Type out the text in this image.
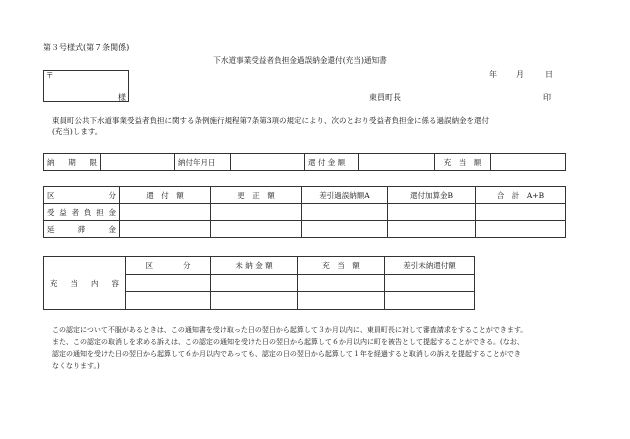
第３号様式(第７条関係)
下水道事業受益者負担金過誤納金還付(充当)通知書
年 月	日
〒
様	東員町長	印
東員町公共下水道事業受益者負担に関する条例施行規程第7条第3項の規定により、次のとおり受益者負担金に係る過誤納金を還付
(充当)します。
納　期　限		納付年月日		還 付 金 額		充　当　額	
区　　　　分	還　付　額	更　正　額	差引過誤納額A	還付加算金B	合　計　A+B
受益者負担金					
延　滞　金					
充　当　内　容	区　　　　分	未 納 金 額	充　当　額	差引未納還付額

この認定について不服があるときは、この通知書を受け取った日の翌日から起算して３か月以内に、東員町長に対して審査請求をすることができます。
また、この認定の取消しを求める訴えは、この認定の通知を受けた日の翌日から起算して６か月以内に町を被告として提起することができる。(なお、
認定の通知を受けた日の翌日から起算して６か月以内であっても、認定の日の翌日から起算して１年を経過すると取消しの訴えを提起することができ
なくなります。)
